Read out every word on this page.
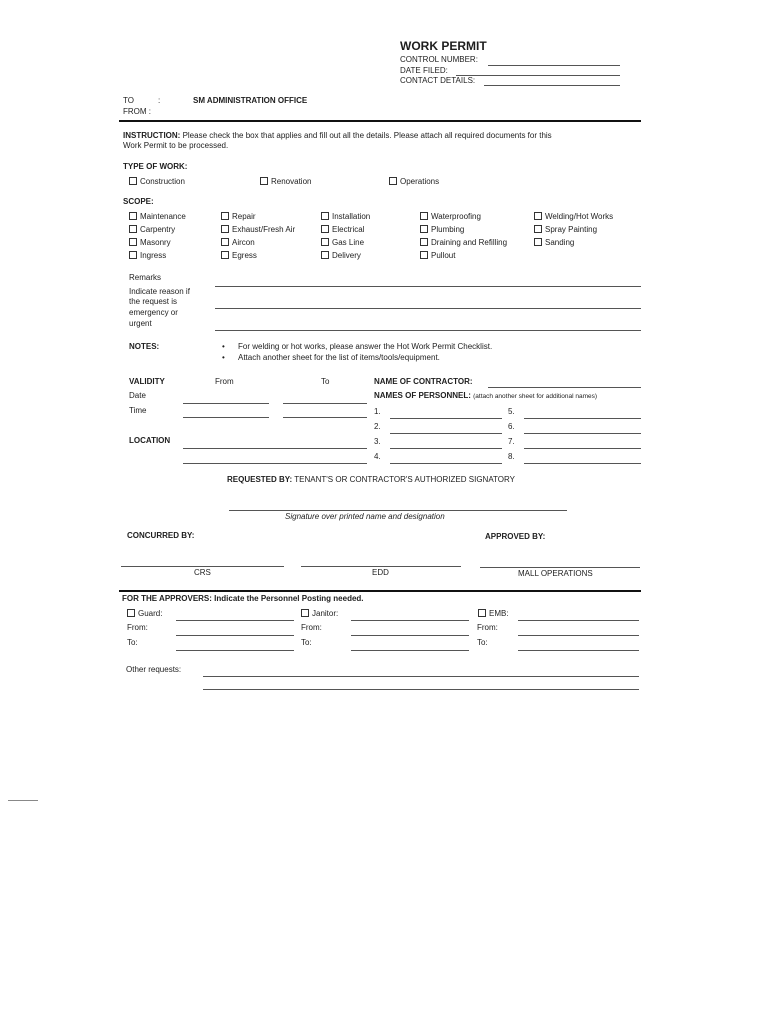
WORK PERMIT
CONTROL NUMBER:
DATE FILED:
CONTACT DETAILS:
TO	:	SM ADMINISTRATION OFFICE
FROM :
INSTRUCTION: Please check the box that applies and fill out all the details. Please attach all required documents for this
Work Permit to be processed.
TYPE OF WORK:
Construction	Renovation	Operations
SCOPE:
Maintenance
Carpentry
Masonry
Ingress
Repair
Exhaust/Fresh Air
Aircon
Egress
Installation
Electrical
Gas Line
Delivery
Waterproofing
Plumbing
Draining and Refilling
Pullout
Welding/Hot Works
Spray Painting
Sanding
Remarks
Indicate reason if
the request is
emergency or
urgent
NOTES:
•	For welding or hot works, please answer the Hot Work Permit Checklist.
• Attach another sheet for the list of items/tools/equipment.
VALIDITY	From	To
Date
Time
LOCATION
NAME OF CONTRACTOR:
NAMES OF PERSONNEL: (attach another sheet for additional names)
1.
2.
3.
4.
5.
6.
7.
8.
REQUESTED BY: TENANT'S OR CONTRACTOR'S AUTHORIZED SIGNATORY
Signature over printed name and designation
CONCURRED BY:	APPROVED BY:
CRS	EDD	MALL OPERATIONS
FOR THE APPROVERS: Indicate the Personnel Posting needed.
Guard:
From:
To:
Janitor:
From:
To:
EMB:
From:
To:
Other requests:
